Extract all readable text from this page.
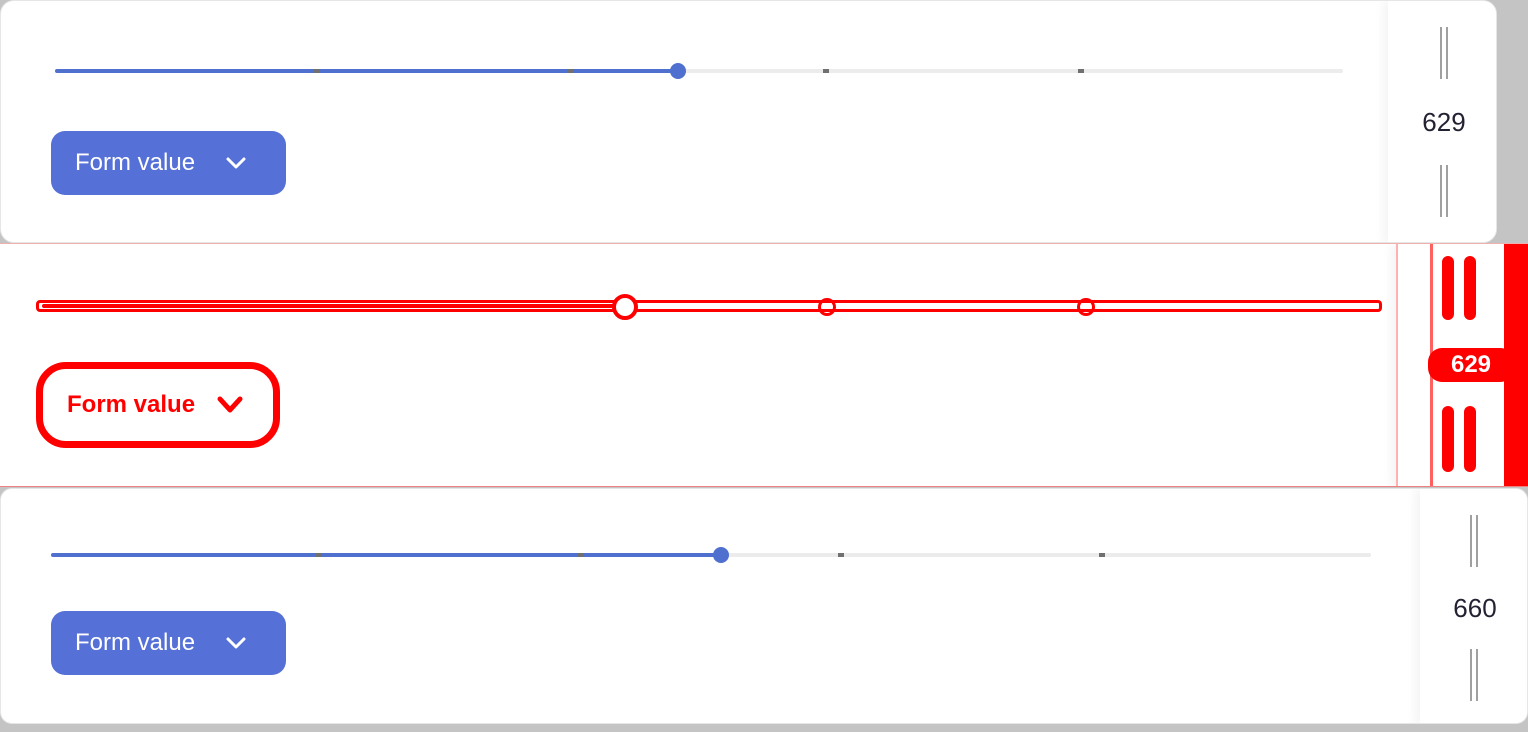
Form value
629
Form value
629
Form value
660
